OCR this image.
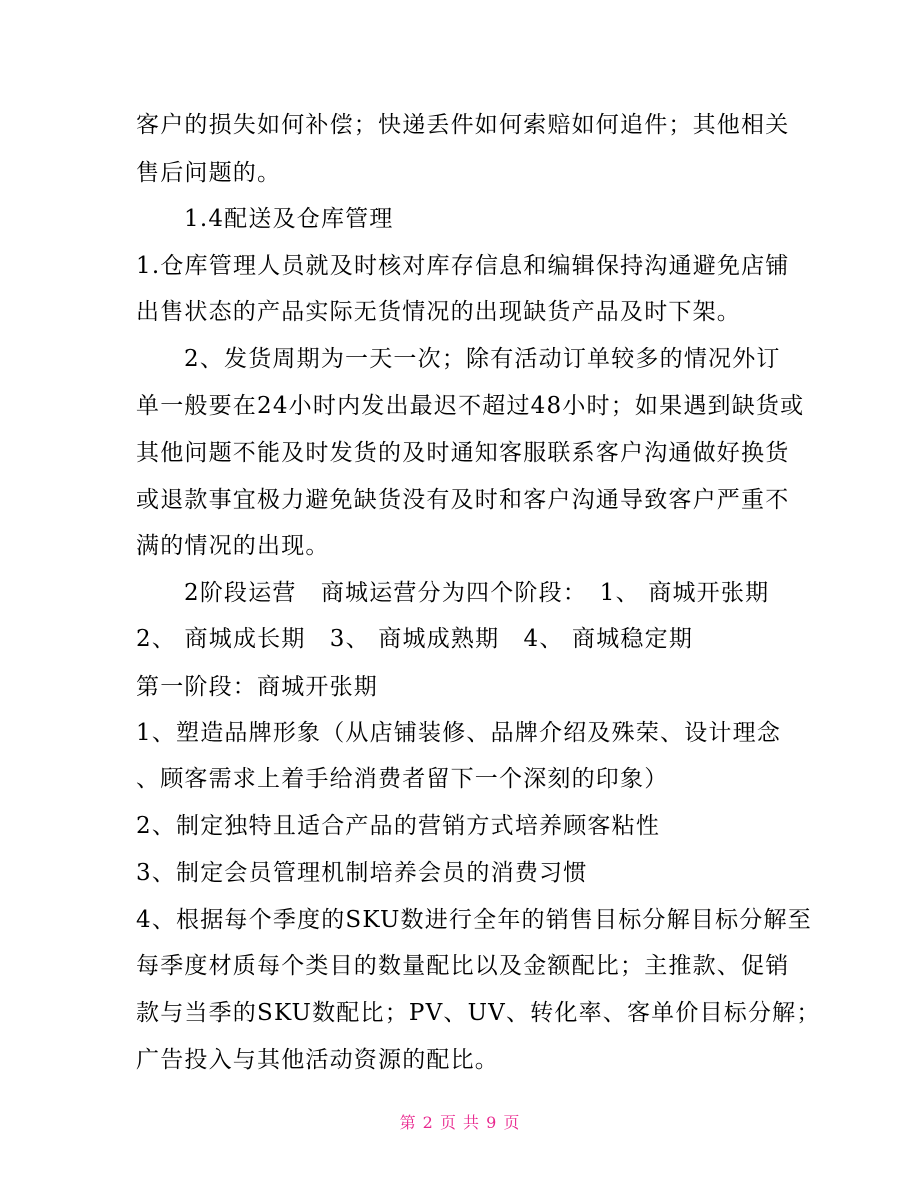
客户的损失如何补偿；快递丢件如何索赔如何追件；其他相关
售后问题的。
1.4配送及仓库管理
1.仓库管理人员就及时核对库存信息和编辑保持沟通避免店铺
出售状态的产品实际无货情况的出现缺货产品及时下架。
2、发货周期为一天一次；除有活动订单较多的情况外订
单一般要在24小时内发出最迟不超过48小时；如果遇到缺货或
其他问题不能及时发货的及时通知客服联系客户沟通做好换货
或退款事宜极力避免缺货没有及时和客户沟通导致客户严重不
满的情况的出现。
2阶段运营　商城运营分为四个阶段：　1、 商城开张期
2、 商城成长期　3、 商城成熟期　4、 商城稳定期
第一阶段：商城开张期
1、塑造品牌形象（从店铺装修、品牌介绍及殊荣、设计理念
、顾客需求上着手给消费者留下一个深刻的印象）
2、制定独特且适合产品的营销方式培养顾客粘性
3、制定会员管理机制培养会员的消费习惯
4、根据每个季度的SKU数进行全年的销售目标分解目标分解至
每季度材质每个类目的数量配比以及金额配比；主推款、促销
款与当季的SKU数配比；PV、UV、转化率、客单价目标分解；
广告投入与其他活动资源的配比。
第 2 页 共 9 页
